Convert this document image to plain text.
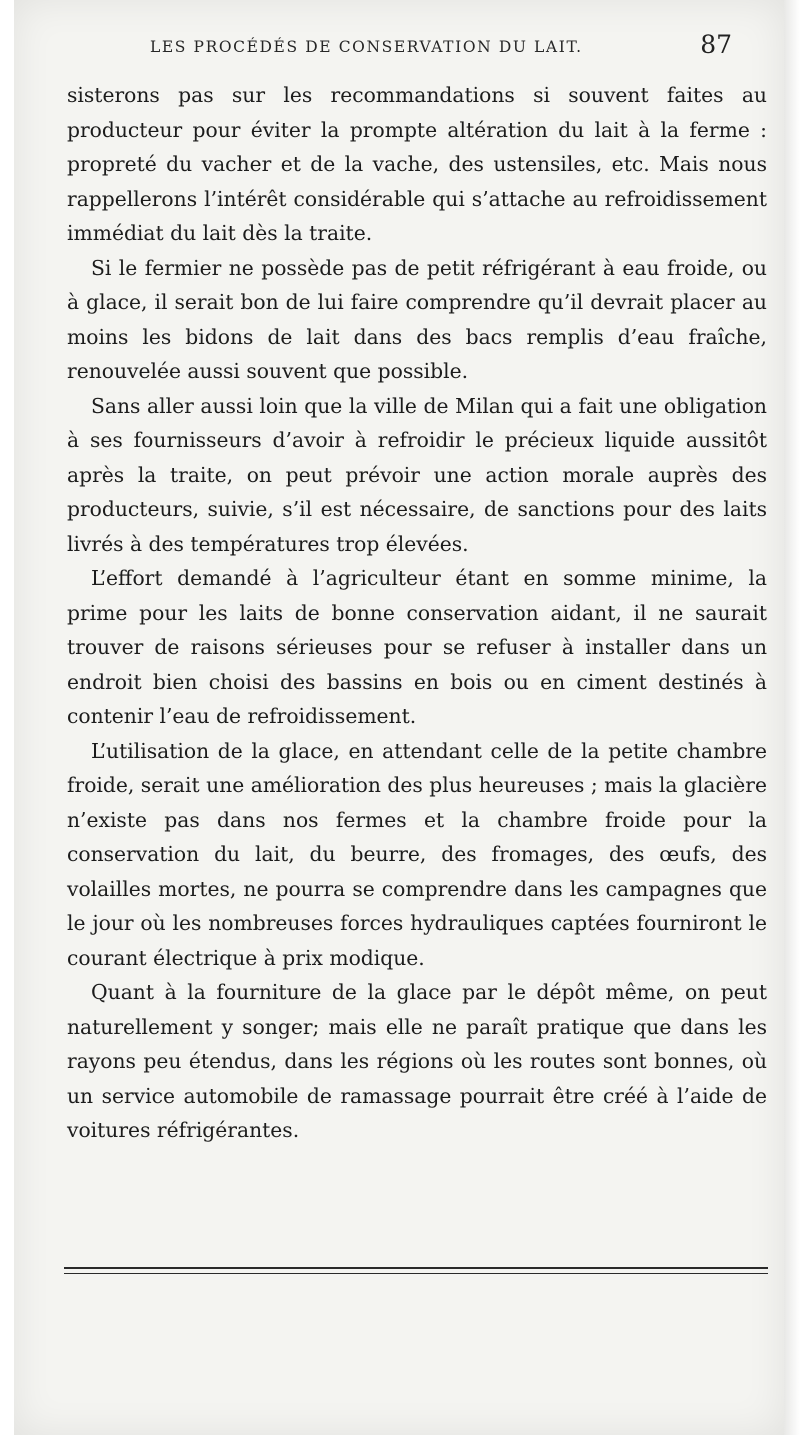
LES PROCÉDÉS DE CONSERVATION DU LAIT.	87

sisterons pas sur les recommandations si souvent faites au producteur pour éviter la prompte altération du lait à la ferme : propreté du vacher et de la vache, des ustensiles, etc. Mais nous rappellerons l’intérêt considérable qui s’attache au refroidissement immédiat du lait dès la traite.

Si le fermier ne possède pas de petit réfrigérant à eau froide, ou à glace, il serait bon de lui faire comprendre qu’il devrait placer au moins les bidons de lait dans des bacs remplis d’eau fraîche, renouvelée aussi souvent que possible.

Sans aller aussi loin que la ville de Milan qui a fait une obligation à ses fournisseurs d’avoir à refroidir le précieux liquide aussitôt après la traite, on peut prévoir une action morale auprès des producteurs, suivie, s’il est nécessaire, de sanctions pour des laits livrés à des températures trop élevées.

L’effort demandé à l’agriculteur étant en somme minime, la prime pour les laits de bonne conservation aidant, il ne saurait trouver de raisons sérieuses pour se refuser à installer dans un endroit bien choisi des bassins en bois ou en ciment destinés à contenir l’eau de refroidissement.

L’utilisation de la glace, en attendant celle de la petite chambre froide, serait une amélioration des plus heureuses ; mais la glacière n’existe pas dans nos fermes et la chambre froide pour la conservation du lait, du beurre, des fromages, des œufs, des volailles mortes, ne pourra se comprendre dans les campagnes que le jour où les nombreuses forces hydrauliques captées fourniront le courant électrique à prix modique.

Quant à la fourniture de la glace par le dépôt même, on peut naturellement y songer; mais elle ne paraît pratique que dans les rayons peu étendus, dans les régions où les routes sont bonnes, où un service automobile de ramassage pourrait être créé à l’aide de voitures réfrigérantes.
